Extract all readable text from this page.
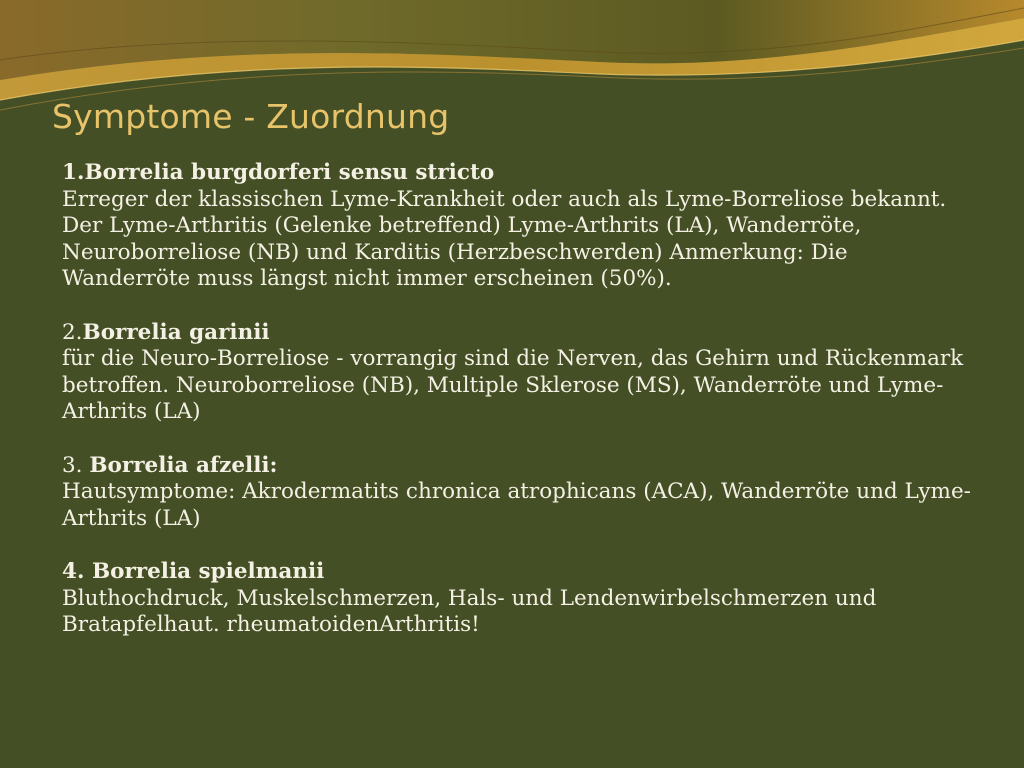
Symptome - Zuordnung
1.Borrelia burgdorferi sensu stricto
Erreger der klassischen Lyme-Krankheit oder auch als Lyme-Borreliose bekannt. Der Lyme-Arthritis (Gelenke betreffend) Lyme-Arthrits (LA), Wanderröte, Neuroborreliose (NB) und Karditis (Herzbeschwerden) Anmerkung: Die Wanderröte muss längst nicht immer erscheinen (50%).
2.Borrelia garinii
für die Neuro-Borreliose - vorrangig sind die Nerven, das Gehirn und Rückenmark betroffen. Neuroborreliose (NB), Multiple Sklerose (MS), Wanderröte und Lyme-Arthrits (LA)
3. Borrelia afzelli:
Hautsymptome: Akrodermatits chronica atrophicans (ACA), Wanderröte und Lyme-Arthrits (LA)
4. Borrelia spielmanii
Bluthochdruck, Muskelschmerzen, Hals- und Lendenwirbelschmerzen und Bratapfelhaut. rheumatoidenArthritis!
